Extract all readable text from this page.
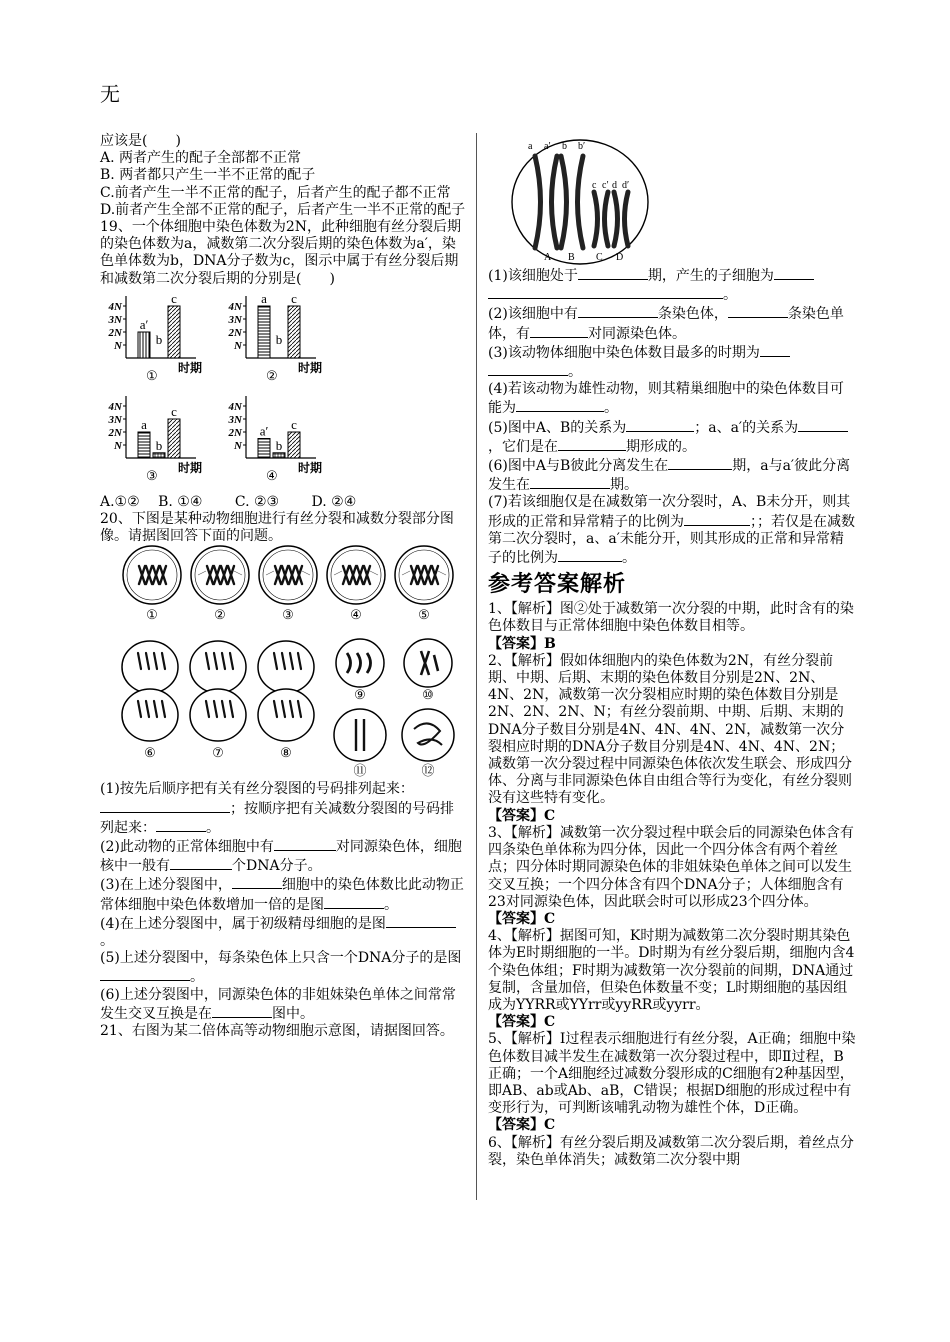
无
应该是(　　)
A. 两者产生的配子全部都不正常
B. 两者都只产生一半不正常的配子
C.前者产生一半不正常的配子，后者产生的配子都不正常
D.前者产生全部不正常的配子，后者产生一半不正常的配子
19、一个体细胞中染色体数为2N，此种细胞有丝分裂后期的染色体数为a，减数第二次分裂后期的染色体数为a′，染色单体数为b，DNA分子数为c，图示中属于有丝分裂后期和减数第二次分裂后期的分别是(　　)
4N
3N
2N
N
a′
b
c
时期
①
4N
3N
2N
N
a
b
c
时期
②
4N
3N
2N
N
a
b
c
时期
③
4N
3N
2N
N
a′
b
c
时期
④
A.①②　 B. ①④　　 C. ②③　　 D. ②④
20、下图是某种动物细胞进行有丝分裂和减数分裂部分图像。请据图回答下面的问题。
①	②	③	④	⑤
⑥	⑦	⑧
⑨	⑩
⑪	⑫
(1)按先后顺序把有关有丝分裂图的号码排列起来：；按顺序把有关减数分裂图的号码排列起来：	。
(2)此动物的正常体细胞中有	对同源染色体，细胞核中一般有	个DNA分子。
(3)在上述分裂图中，	细胞中的染色体数比此动物正常体细胞中染色体数增加一倍的是图	。
(4)在上述分裂图中，属于初级精母细胞的是图。
(5)上述分裂图中，每条染色体上只含一个DNA分子的是图。
(6)上述分裂图中，同源染色体的非姐妹染色单体之间常常发生交叉互换是在	图中。
21、右图为某二倍体高等动物细胞示意图，请据图回答。
a a′ b b′
c c′ d d′
A B C D
(1)该细胞处于	期，产生的子细胞为。
(2)该细胞中有	条染色体，	条染色单体，有	对同源染色体。
(3)该动物体细胞中染色体数目最多的时期为。
(4)若该动物为雄性动物，则其精巢细胞中的染色体数目可能为	。
(5)图中A、B的关系为	；a、a′的关系为，它们是在	期形成的。
(6)图中A与B彼此分离发生在	期，a与a′彼此分离发生在	期。
(7)若该细胞仅是在减数第一次分裂时，A、B未分开，则其形成的正常和异常精子的比例为	；；若仅是在减数第二次分裂时，a、a′未能分开，则其形成的正常和异常精子的比例为	。
参考答案解析
1、【解析】图②处于减数第一次分裂的中期，此时含有的染色体数目与正常体细胞中染色体数目相等。
【答案】B
2、【解析】假如体细胞内的染色体数为2N，有丝分裂前期、中期、后期、末期的染色体数目分别是2N、2N、4N、2N，减数第一次分裂相应时期的染色体数目分别是2N、2N、2N、N；有丝分裂前期、中期、后期、末期的DNA分子数目分别是4N、4N、4N、2N，减数第一次分裂相应时期的DNA分子数目分别是4N、4N、4N、2N；减数第一次分裂过程中同源染色体依次发生联会、形成四分体、分离与非同源染色体自由组合等行为变化，有丝分裂则没有这些特有变化。
【答案】C
3、【解析】减数第一次分裂过程中联会后的同源染色体含有四条染色单体称为四分体，因此一个四分体含有两个着丝点；四分体时期同源染色体的非姐妹染色单体之间可以发生交叉互换；一个四分体含有四个DNA分子；人体细胞含有23对同源染色体，因此联会时可以形成23个四分体。
【答案】C
4、【解析】据图可知，K时期为减数第二次分裂时期其染色体为E时期细胞的一半。D时期为有丝分裂后期，细胞内含4个染色体组；F时期为减数第一次分裂前的间期，DNA通过复制，含量加倍，但染色体数量不变；L时期细胞的基因组成为YYRR或YYrr或yyRR或yyrr。
【答案】C
5、【解析】Ⅰ过程表示细胞进行有丝分裂，A正确；细胞中染色体数目减半发生在减数第一次分裂过程中，即Ⅱ过程，B正确；一个A细胞经过减数分裂形成的C细胞有2种基因型，即AB、ab或Ab、aB，C错误；根据D细胞的形成过程中有变形行为，可判断该哺乳动物为雄性个体，D正确。
【答案】C
6、【解析】有丝分裂后期及减数第二次分裂后期，着丝点分裂，染色单体消失；减数第二次分裂中期
